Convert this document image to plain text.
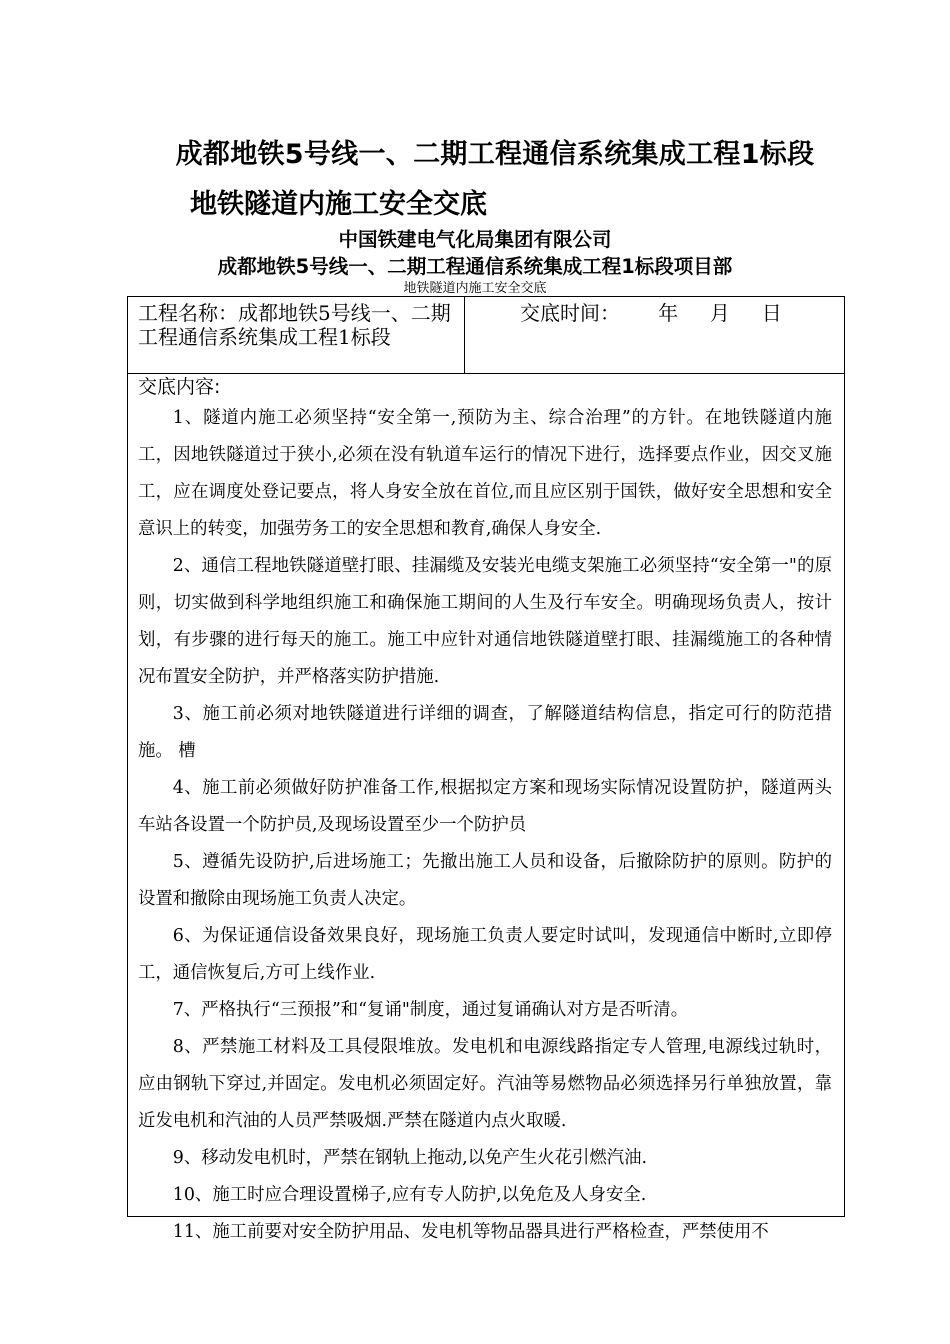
成都地铁5号线一、二期工程通信系统集成工程1标段
地铁隧道内施工安全交底
中国铁建电气化局集团有限公司
成都地铁5号线一、二期工程通信系统集成工程1标段项目部
地铁隧道内施工安全交底
工程名称：成都地铁5号线一、二期工程通信系统集成工程1标段
交底时间：      年     月     日
交底内容:

1、隧道内施工必须坚持“安全第一,预防为主、综合治理”的方针。在地铁隧道内施工，因地铁隧道过于狭小,必须在没有轨道车运行的情况下进行，选择要点作业，因交叉施工，应在调度处登记要点，将人身安全放在首位,而且应区别于国铁，做好安全思想和安全意识上的转变，加强劳务工的安全思想和教育,确保人身安全.

2、通信工程地铁隧道壁打眼、挂漏缆及安装光电缆支架施工必须坚持“安全第一"的原则，切实做到科学地组织施工和确保施工期间的人生及行车安全。明确现场负责人，按计划，有步骤的进行每天的施工。施工中应针对通信地铁隧道壁打眼、挂漏缆施工的各种情况布置安全防护，并严格落实防护措施.

3、施工前必须对地铁隧道进行详细的调查，了解隧道结构信息，指定可行的防范措施。 槽

4、施工前必须做好防护准备工作,根据拟定方案和现场实际情况设置防护，隧道两头车站各设置一个防护员,及现场设置至少一个防护员

5、遵循先设防护,后进场施工；先撤出施工人员和设备，后撤除防护的原则。防护的设置和撤除由现场施工负责人决定。

6、为保证通信设备效果良好，现场施工负责人要定时试叫，发现通信中断时,立即停工，通信恢复后,方可上线作业.

7、严格执行“三预报”和“复诵"制度，通过复诵确认对方是否听清。

8、严禁施工材料及工具侵限堆放。发电机和电源线路指定专人管理,电源线过轨时，应由钢轨下穿过,并固定。发电机必须固定好。汽油等易燃物品必须选择另行单独放置，靠近发电机和汽油的人员严禁吸烟.严禁在隧道内点火取暖.

9、移动发电机时，严禁在钢轨上拖动,以免产生火花引燃汽油.

10、施工时应合理设置梯子,应有专人防护,以免危及人身安全.

11、施工前要对安全防护用品、发电机等物品器具进行严格检查，严禁使用不
